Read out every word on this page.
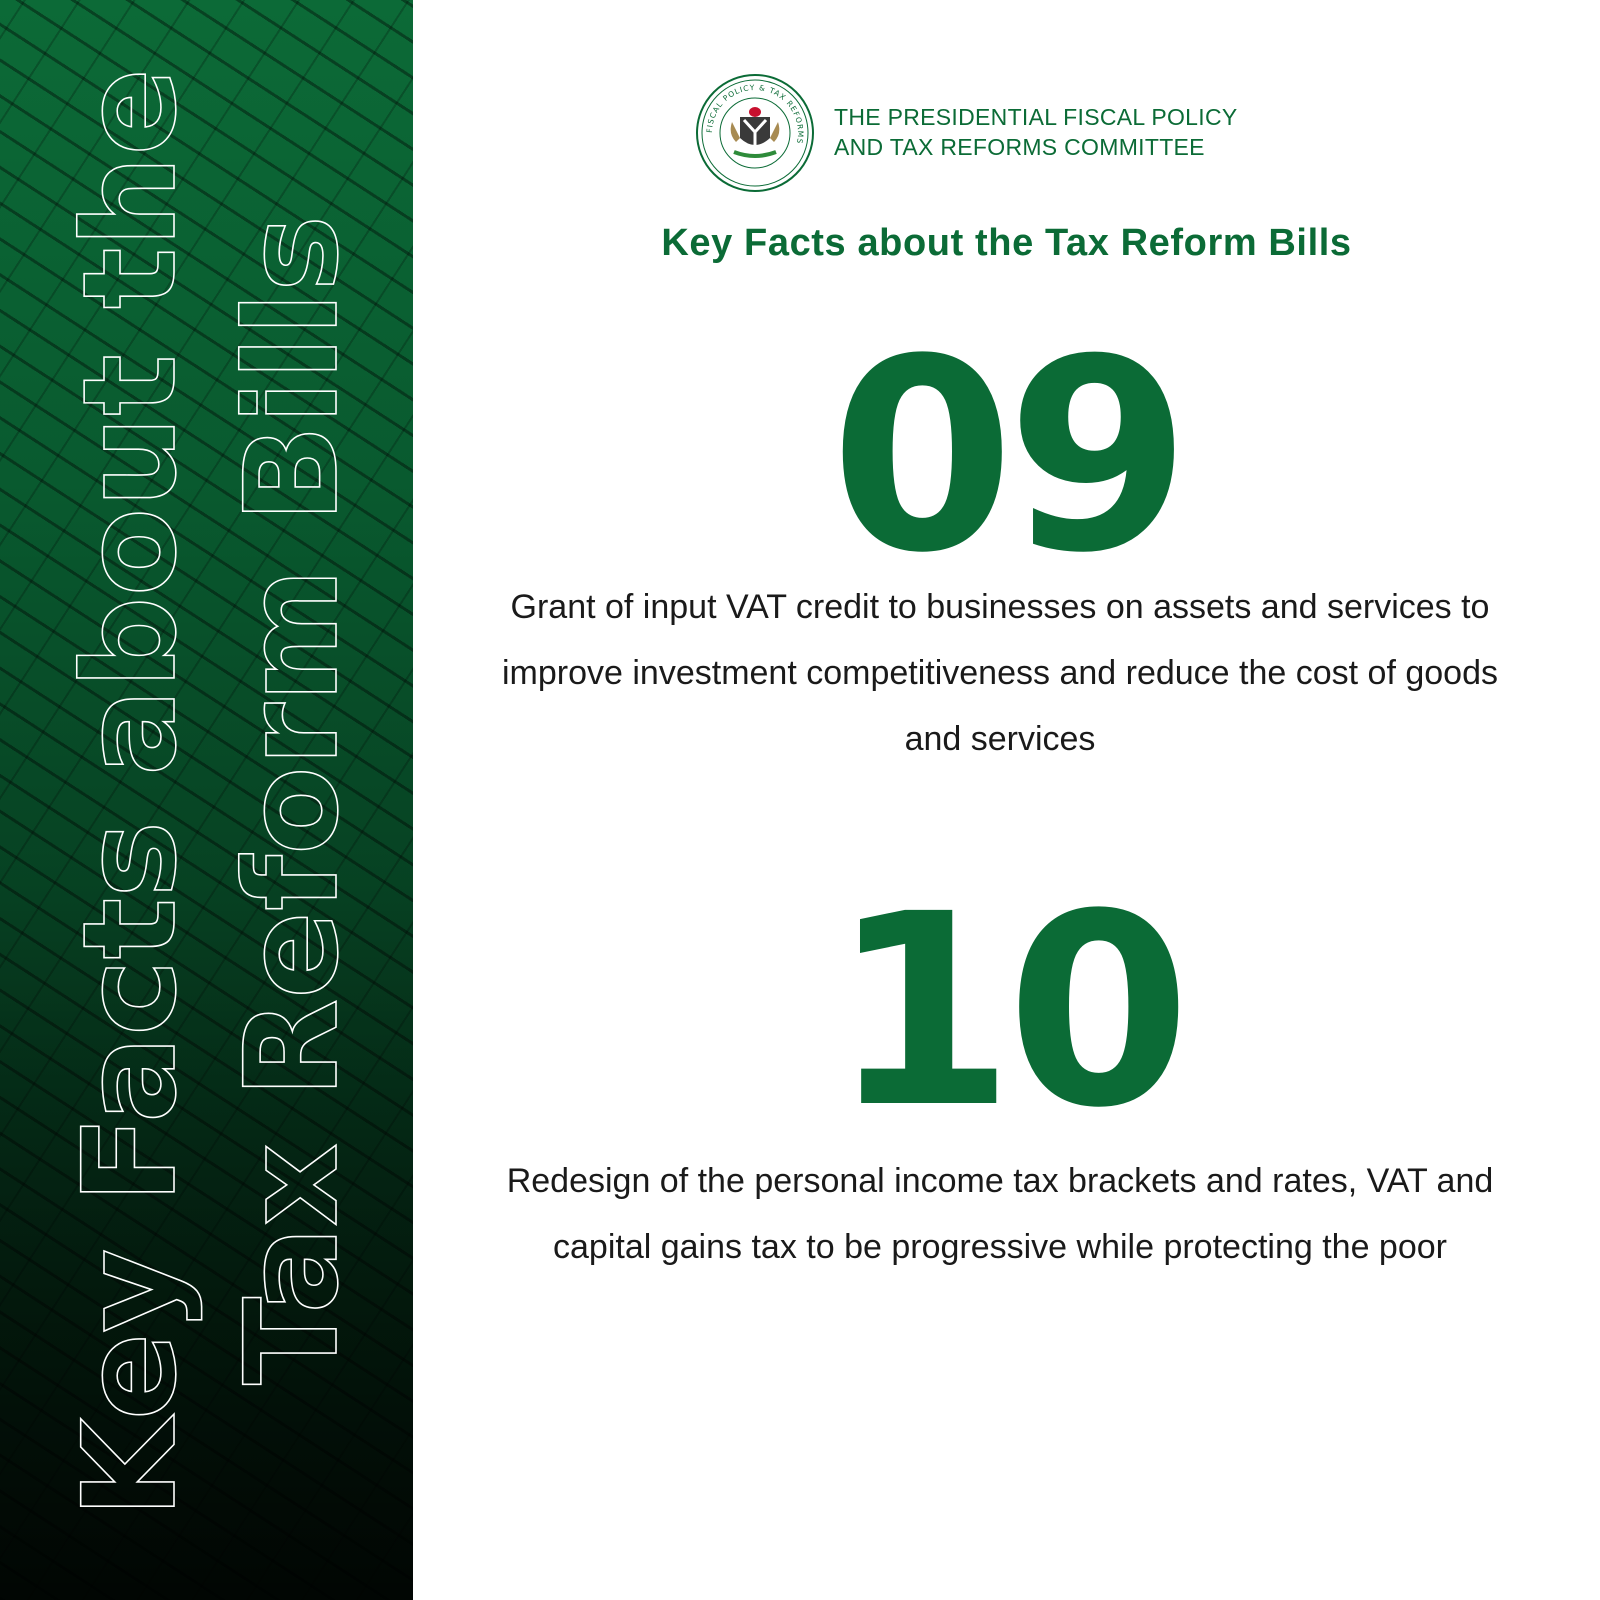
Key Facts about the Tax Reform Bills
FISCAL POLICY & TAX REFORMS
THE PRESIDENTIAL FISCAL POLICY
AND TAX REFORMS COMMITTEE
Key Facts about the Tax Reform Bills
09
Grant of input VAT credit to businesses on assets and services to improve investment competitiveness and reduce the cost of goods and services
10
Redesign of the personal income tax brackets and rates, VAT and capital gains tax to be progressive while protecting the poor
